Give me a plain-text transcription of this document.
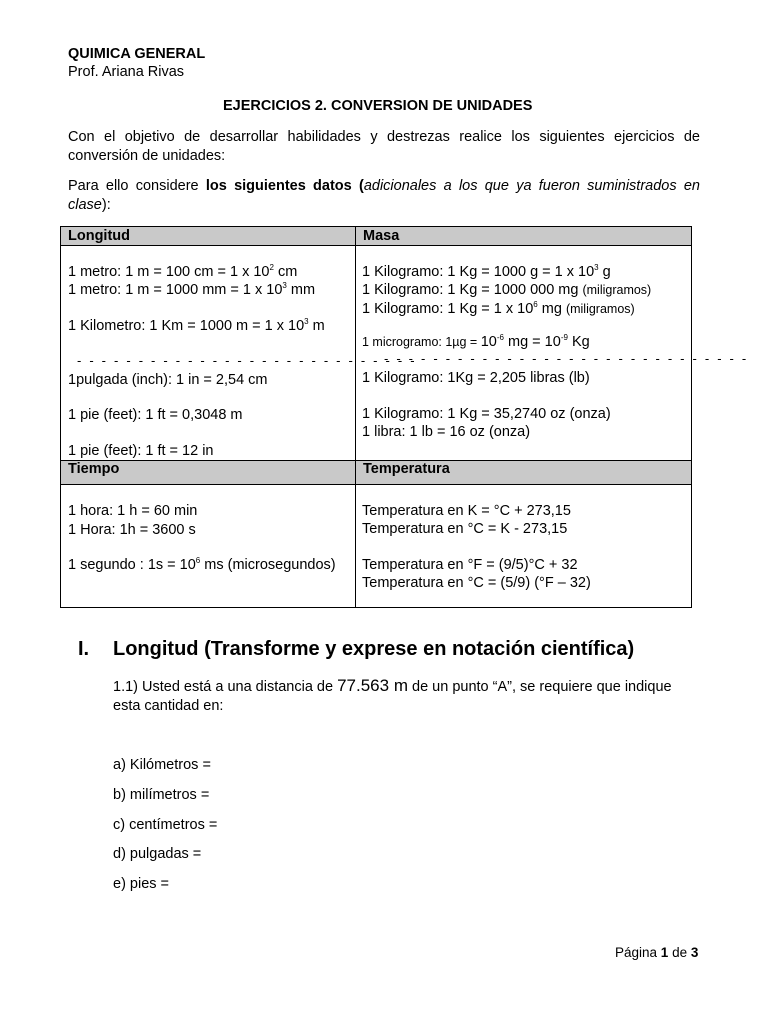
QUIMICA GENERAL
Prof. Ariana Rivas
EJERCICIOS 2. CONVERSION DE UNIDADES
Con el objetivo de desarrollar habilidades y destrezas realice los siguientes ejercicios de
conversión de unidades:
Para ello considere los siguientes datos (adicionales a los que ya fueron suministrados en
clase):
Longitud	Masa
1 metro: 1 m = 100 cm = 1 x $10^2$ cm
1 metro: 1 m = 1000 mm = 1 x $10^3$ mm
1 Kilometro: 1 Km = 1000 m = 1 x $10^3$ m
- - - - - - - - - - - - - - - - - - - - - - - - - - - -
1pulgada (inch): 1 in = 2,54 cm
1 pie (feet): 1 ft = 0,3048 m
1 pie (feet): 1 ft = 12 in
1 Kilogramo: 1 Kg = 1000 g = 1 x $10^3$ g
1 Kilogramo: 1 Kg = 1000 000 mg (miligramos)
1 Kilogramo: 1 Kg = 1 x $10^6$ mg (miligramos)
1 microgramo: $1\mu g = 10^{-6}$ mg = $10^{-9}$ Kg
- - - - - - - - - - - - - - - - - - - - - - - - - - - - - -
1 Kilogramo: 1Kg = 2,205 libras (lb)
1 Kilogramo: 1 Kg = 35,2740 oz (onza)
1 libra: 1 lb = 16 oz (onza)
Tiempo	Temperatura
1 hora: 1 h = 60 min
1 Hora: 1h = 3600 s
1 segundo : $1s = 10^6$ ms (microsegundos)
Temperatura en K = °C + 273,15
Temperatura en °C = K - 273,15
Temperatura en °F = (9/5)°C + 32
Temperatura en °C = (5/9) (°F – 32)
I. Longitud (Transforme y exprese en notación científica)
1.1) Usted está a una distancia de 77.563 m de un punto “A”, se requiere que indique
esta cantidad en:
a) Kilómetros =
b) milímetros =
c) centímetros =
d) pulgadas =
e) pies =
Página 1 de 3
